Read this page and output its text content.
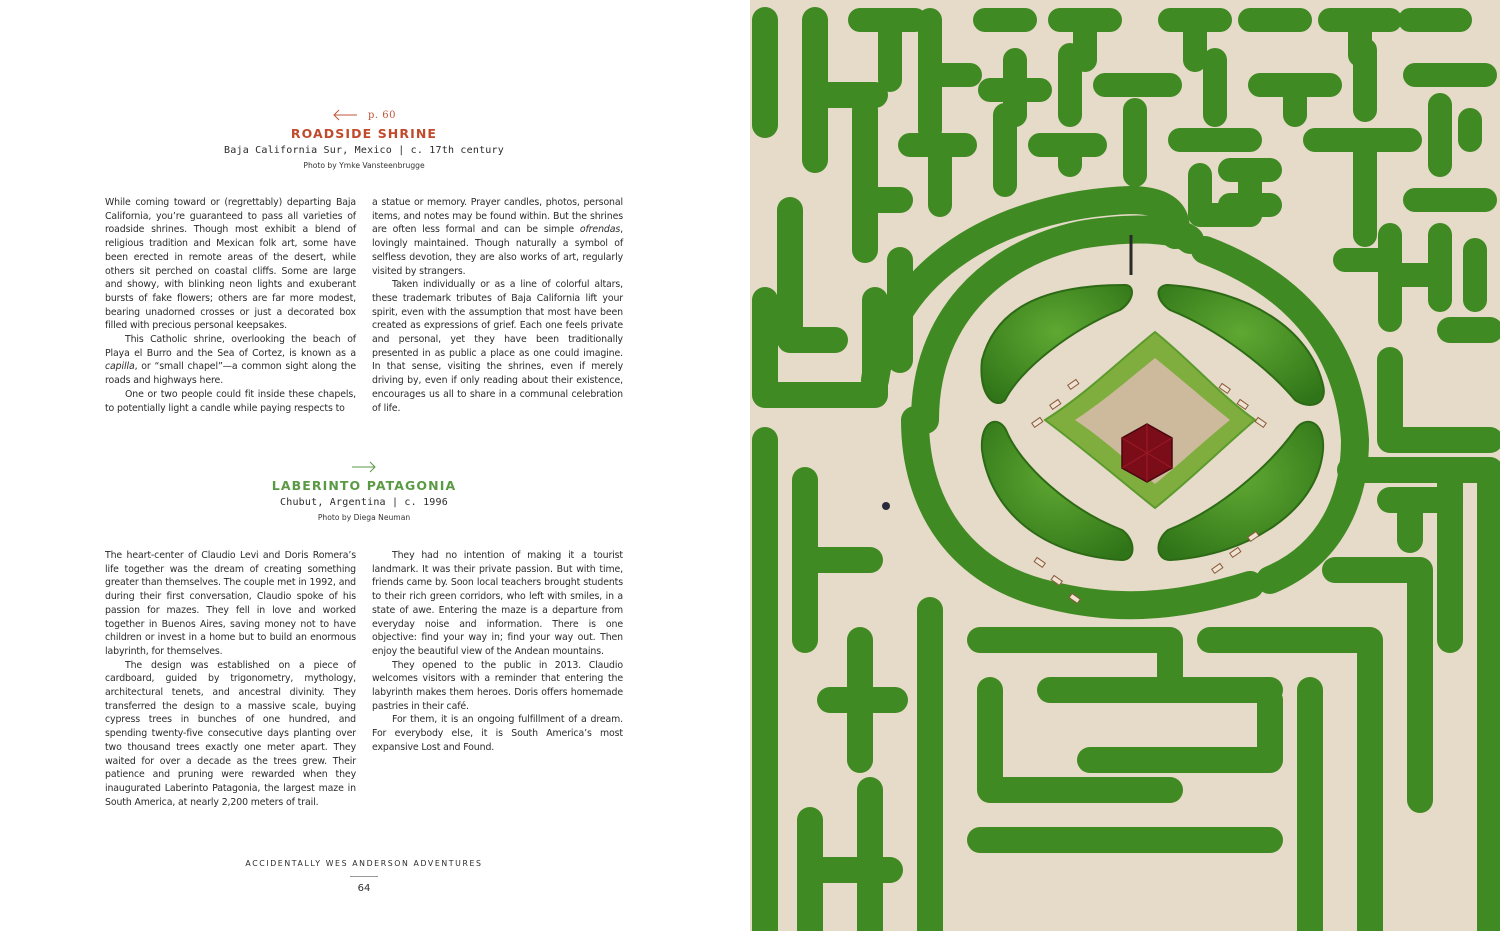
p. 60
ROADSIDE SHRINE
Baja California Sur, Mexico | c. 17th century
Photo by Ymke Vansteenbrugge

While coming toward or (regrettably) departing Baja California, you’re guaranteed to pass all varieties of roadside shrines. Though most exhibit a blend of religious tradition and Mexican folk art, some have been erected in remote areas of the desert, while others sit perched on coastal cliffs. Some are large and showy, with blinking neon lights and exuberant bursts of fake flowers; others are far more modest, bearing unadorned crosses or just a decorated box filled with precious personal keepsakes.

This Catholic shrine, overlooking the beach of Playa el Burro and the Sea of Cortez, is known as a capilla, or “small chapel”—a common sight along the roads and highways here.

One or two people could fit inside these chapels, to potentially light a candle while paying respects to

a statue or memory. Prayer candles, photos, personal items, and notes may be found within. But the shrines are often less formal and can be simple ofrendas, lovingly maintained. Though naturally a symbol of selfless devotion, they are also works of art, regularly visited by strangers.

Taken individually or as a line of colorful altars, these trademark tributes of Baja California lift your spirit, even with the assumption that most have been created as expressions of grief. Each one feels private and personal, yet they have been traditionally presented in as public a place as one could imagine. In that sense, visiting the shrines, even if merely driving by, even if only reading about their existence, encourages us all to share in a communal celebration of life.

LABERINTO PATAGONIA
Chubut, Argentina | c. 1996
Photo by Diega Neuman

The heart-center of Claudio Levi and Doris Romera’s life together was the dream of creating something greater than themselves. The couple met in 1992, and during their first conversation, Claudio spoke of his passion for mazes. They fell in love and worked together in Buenos Aires, saving money not to have children or invest in a home but to build an enormous labyrinth, for themselves.

The design was established on a piece of cardboard, guided by trigonometry, mythology, architectural tenets, and ancestral divinity. They transferred the design to a massive scale, buying cypress trees in bunches of one hundred, and spending twenty-five consecutive days planting over two thousand trees exactly one meter apart. They waited for over a decade as the trees grew. Their patience and pruning were rewarded when they inaugurated Laberinto Patagonia, the largest maze in South America, at nearly 2,200 meters of trail.

They had no intention of making it a tourist landmark. It was their private passion. But with time, friends came by. Soon local teachers brought students to their rich green corridors, who left with smiles, in a state of awe. Entering the maze is a departure from everyday noise and information. There is one objective: find your way in; find your way out. Then enjoy the beautiful view of the Andean mountains.

They opened to the public in 2013. Claudio welcomes visitors with a reminder that entering the labyrinth makes them heroes. Doris offers homemade pastries in their café.

For them, it is an ongoing fulfillment of a dream. For everybody else, it is South America’s most expansive Lost and Found.

ACCIDENTALLY WES ANDERSON ADVENTURES
64
